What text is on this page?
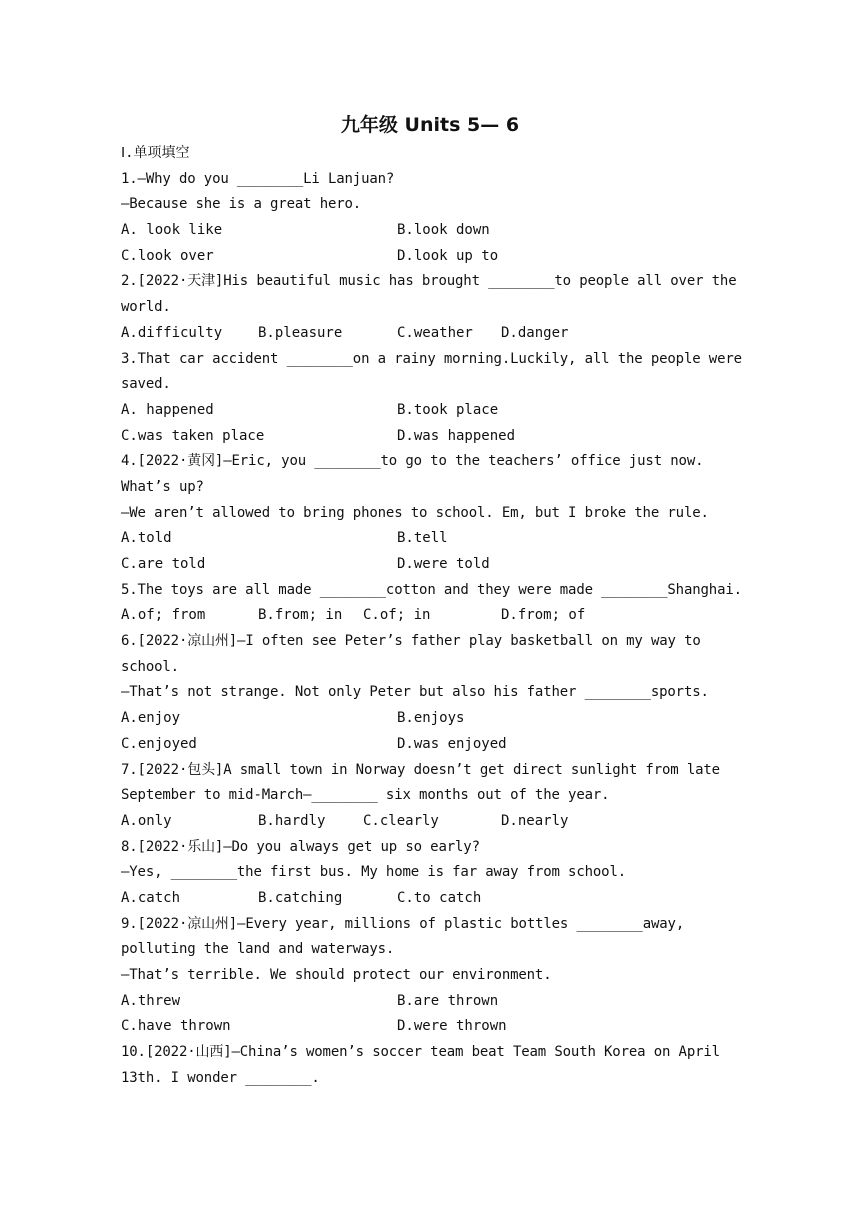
九年级 Units 5— 6
Ⅰ.单项填空
1.—Why do you ________Li Lanjuan?
—Because she is a great hero.
A. look like	B.look down
C.look over	D.look up to
2.[2022·天津]His beautiful music has brought ________to people all over the
world.
A.difficulty	B.pleasure	C.weather	D.danger
3.That car accident ________on a rainy morning.Luckily, all the people were
saved.
A. happened	B.took place
C.was taken place	D.was happened
4.[2022·黄冈]—Eric, you ________to go to the teachers’ office just now.
What’s up?
—We aren’t allowed to bring phones to school. Em, but I broke the rule.
A.told	B.tell
C.are told	D.were told
5.The toys are all made ________cotton and they were made ________Shanghai.
A.of; from	B.from; in	C.of; in	D.from; of
6.[2022·凉山州]—I often see Peter’s father play basketball on my way to
school.
—That’s not strange. Not only Peter but also his father ________sports.
A.enjoy	B.enjoys
C.enjoyed	D.was enjoyed
7.[2022·包头]A small town in Norway doesn’t get direct sunlight from late
September to mid-March—________ six months out of the year.
A.only	B.hardly	C.clearly	D.nearly
8.[2022·乐山]—Do you always get up so early?
—Yes, ________the first bus. My home is far away from school.
A.catch	B.catching	C.to catch
9.[2022·凉山州]—Every year, millions of plastic bottles ________away,
polluting the land and waterways.
—That’s terrible. We should protect our environment.
A.threw	B.are thrown
C.have thrown	D.were thrown
10.[2022·山西]—China’s women’s soccer team beat Team South Korea on April
13th. I wonder ________.
